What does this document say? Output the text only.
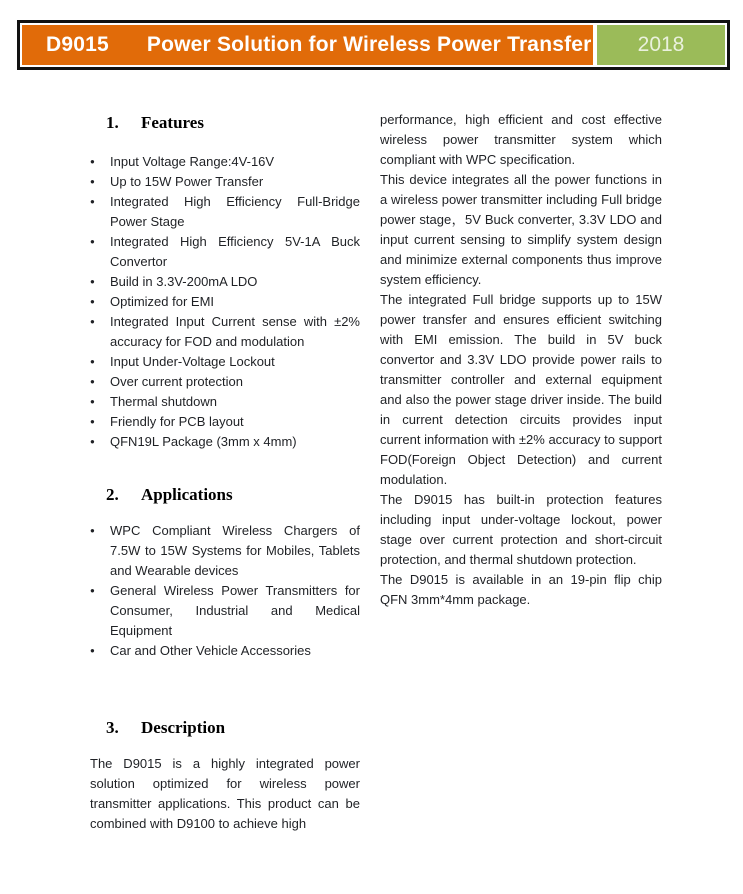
D9015 Power Solution for Wireless Power Transfer 2018
1.	Features
●	Input Voltage Range:4V-16V
●	Up to 15W Power Transfer
●	Integrated High Efficiency Full-Bridge Power Stage
●	Integrated High Efficiency 5V-1A Buck Convertor
●	Build in 3.3V-200mA LDO
●	Optimized for EMI
●	Integrated Input Current sense with ±2% accuracy for FOD and modulation
●	Input Under-Voltage Lockout
●	Over current protection
●	Thermal shutdown
●	Friendly for PCB layout
●	QFN19L Package (3mm x 4mm)
2.	Applications
●	WPC Compliant Wireless Chargers of 7.5W to 15W Systems for Mobiles, Tablets and Wearable devices
●	General Wireless Power Transmitters for Consumer, Industrial and Medical Equipment
●	Car and Other Vehicle Accessories
3.	Description

The D9015 is a highly integrated power solution optimized for wireless power transmitter applications. This product can be combined with D9100 to achieve high

performance, high efficient and cost effective wireless power transmitter system which compliant with WPC specification.

This device integrates all the power functions in a wireless power transmitter including Full bridge power stage，5V Buck converter, 3.3V LDO and input current sensing to simplify system design and minimize external components thus improve system efficiency.

The integrated Full bridge supports up to 15W power transfer and ensures efficient switching with EMI emission. The build in 5V buck convertor and 3.3V LDO provide power rails to transmitter controller and external equipment and also the power stage driver inside. The build in current detection circuits provides input current information with ±2% accuracy to support FOD(Foreign Object Detection) and current modulation.

The D9015 has built-in protection features including input under-voltage lockout, power stage over current protection and short-circuit protection, and thermal shutdown protection.

The D9015 is available in an 19-pin flip chip QFN 3mm*4mm package.
